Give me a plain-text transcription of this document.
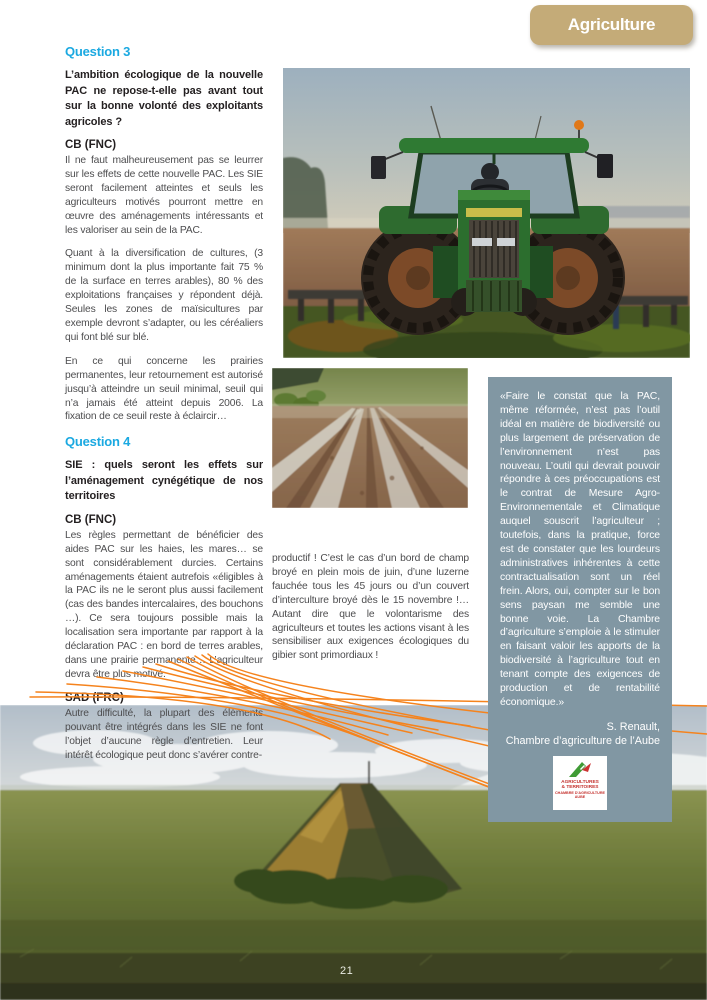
Agriculture
Question 3

L’ambition écologique de la nouvelle PAC ne repose-t-elle pas avant tout sur la bonne volonté des exploitants agricoles ?

CB (FNC)

Il ne faut malheureusement pas se leurrer sur les effets de cette nouvelle PAC. Les SIE seront facilement atteintes et seuls les agriculteurs motivés pourront mettre en œuvre des aménagements intéressants et les valoriser au sein de la PAC.

Quant à la diversification de cultures, (3 minimum dont la plus importante fait 75 % de la surface en terres arables), 80 % des exploitations françaises y répondent déjà. Seules les zones de maïsicultures par exemple devront s’adapter, ou les céréaliers qui font blé sur blé.

En ce qui concerne les prairies permanentes, leur retournement est autorisé jusqu’à atteindre un seuil minimal, seuil qui n’a jamais été atteint depuis 2006. La fixation de ce seuil reste à éclaircir…

Question 4

SIE : quels seront les effets sur l’aménagement cynégétique de nos territoires

CB (FNC)

Les règles permettant de bénéficier des aides PAC sur les haies, les mares… se sont considérablement durcies. Certains aménagements étaient autrefois «éligibles à la PAC ils ne le seront plus aussi facilement (cas des bandes intercalaires, des bouchons …). Ce sera toujours possible mais la localisation sera importante par rapport à la déclaration PAC : en bord de terres arables, dans une prairie permanente… L’agriculteur devra être plus motivé.

SAD (FRC)

Autre difficulté, la plupart des éléments pouvant être intégrés dans les SIE ne font l’objet d’aucune règle d’entretien. Leur intérêt écologique peut donc s’avérer contre-

productif ! C’est le cas d’un bord de champ broyé en plein mois de juin, d’une luzerne fauchée tous les 45 jours ou d’un couvert d’interculture broyé dès le 15 novembre !… Autant dire que le volontarisme des agriculteurs et toutes les actions visant à les sensibiliser aux exigences écologiques du gibier sont primordiaux !

«Faire le constat que la PAC, même réformée, n’est pas l’outil idéal en matière de biodiversité ou plus largement de préservation de l’environnement n’est pas nouveau. L’outil qui devrait pouvoir répondre à ces préoccupations est le contrat de Mesure Agro-Environnementale et Climatique auquel souscrit l’agriculteur ; toutefois, dans la pratique, force est de constater que les lourdeurs administratives inhérentes à cette contractualisation sont un réel frein. Alors, oui, compter sur le bon sens paysan me semble une bonne voie. La Chambre d’agriculture s’emploie à le stimuler en faisant valoir les apports de la biodiversité à l’agriculture tout en tenant compte des exigences de production et de rentabilité économique.»

S. Renault,
Chambre d’agriculture de l’Aube
AGRICULTURES
& TERRITOIRES
CHAMBRE D'AGRICULTURE
AUBE
21
